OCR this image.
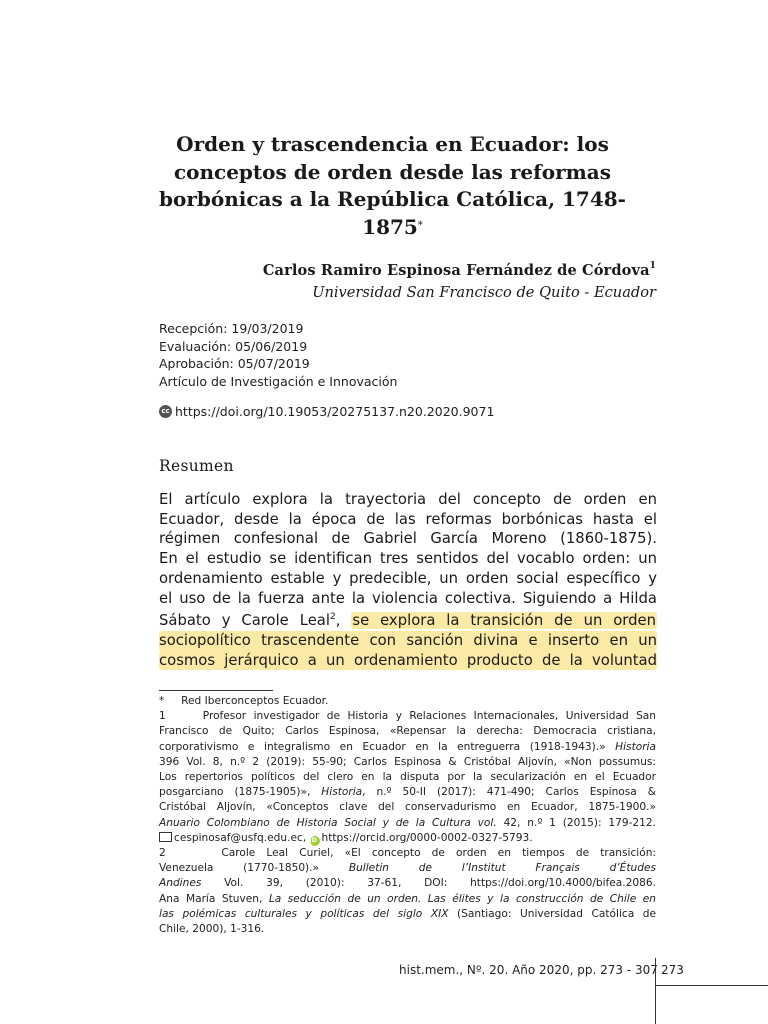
Orden y trascendencia en Ecuador: los conceptos de orden desde las reformas borbónicas a la República Católica, 1748-1875*
Carlos Ramiro Espinosa Fernández de Córdova$^1$
Universidad San Francisco de Quito - Ecuador
Recepción: 19/03/2019
Evaluación: 05/06/2019
Aprobación: 05/07/2019
Artículo de Investigación e Innovación
cc https://doi.org/10.19053/20275137.n20.2020.9071
Resumen
El artículo explora la trayectoria del concepto de orden en
Ecuador, desde la época de las reformas borbónicas hasta el
régimen confesional de Gabriel García Moreno (1860-1875).
En el estudio se identifican tres sentidos del vocablo orden: un
ordenamiento estable y predecible, un orden social específico y
el uso de la fuerza ante la violencia colectiva. Siguiendo a Hilda
Sábato y Carole Leal$^2$, se explora la transición de un orden
sociopolítico trascendente con sanción divina e inserto en un
cosmos jerárquico a un ordenamiento producto de la voluntad
*     Red Iberconceptos Ecuador.
1     Profesor investigador de Historia y Relaciones Internacionales, Universidad San
Francisco de Quito; Carlos Espinosa, «Repensar la derecha: Democracia cristiana,
corporativismo e integralismo en Ecuador en la entreguerra (1918-1943).» Historia
396 Vol. 8, n.º 2 (2019): 55-90; Carlos Espinosa & Cristóbal Aljovín, «Non possumus:
Los repertorios políticos del clero en la disputa por la secularización en el Ecuador
posgarciano (1875-1905)», Historia, n.º 50-II (2017): 471-490; Carlos Espinosa &
Cristóbal Aljovín, «Conceptos clave del conservadurismo en Ecuador, 1875-1900.»
Anuario Colombiano de Historia Social y de la Cultura vol. 42, n.º 1 (2015): 179-212.
cespinosaf@usfq.edu.ec, iD https://orcid.org/0000-0002-0327-5793.
2     Carole Leal Curiel, «El concepto de orden en tiempos de transición:
Venezuela (1770-1850).» Bulletin de l’Institut Français d’Études
Andines Vol. 39, (2010): 37-61, DOI: https://doi.org/10.4000/bifea.2086.
Ana María Stuven, La seducción de un orden. Las élites y la construcción de Chile en
las polémicas culturales y políticas del siglo XIX (Santiago: Universidad Católica de
Chile, 2000), 1-316.
hist.mem., Nº. 20. Año 2020, pp. 273 - 307 273
